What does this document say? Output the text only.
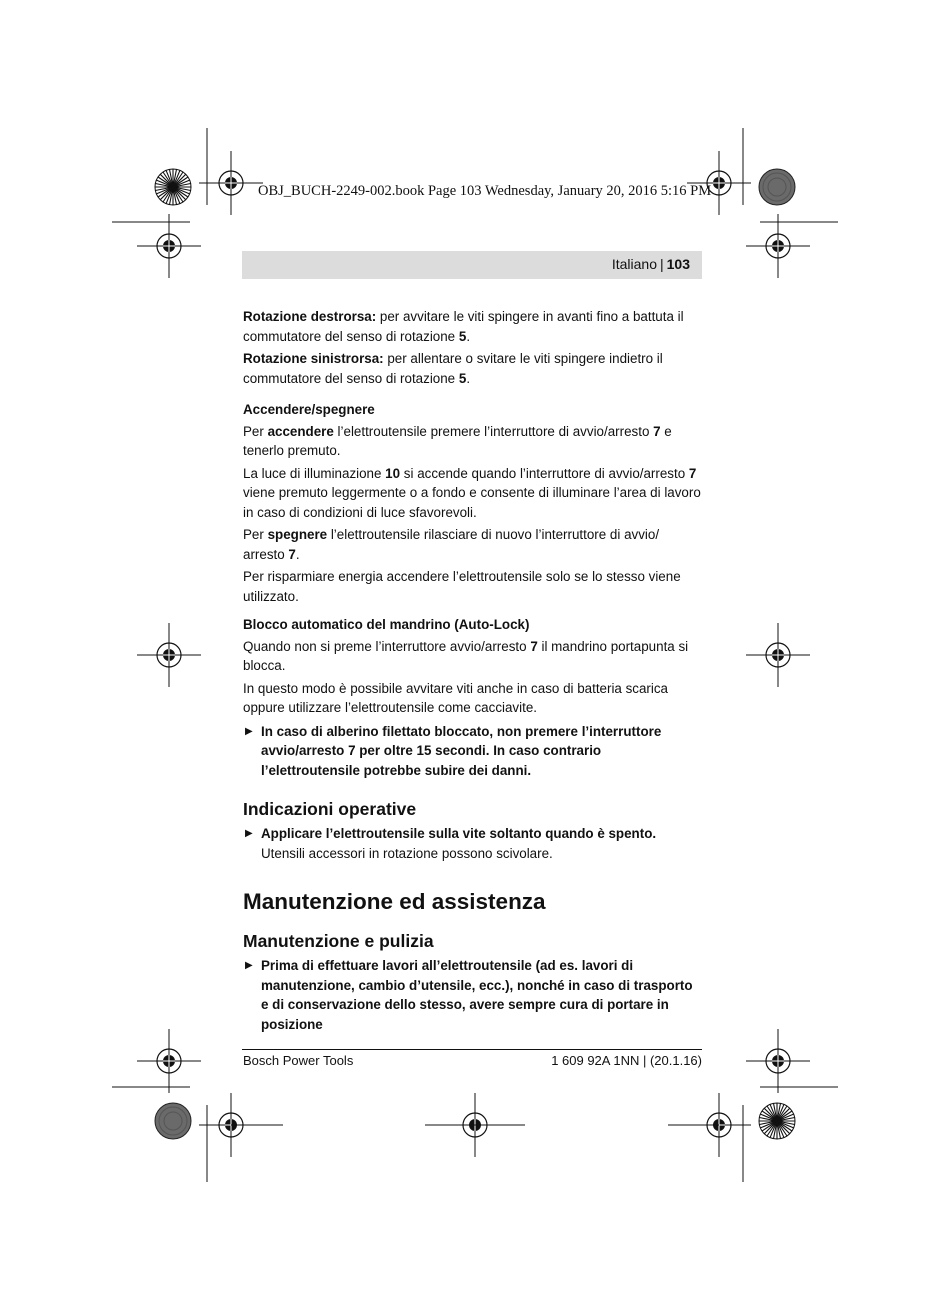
OBJ_BUCH-2249-002.book Page 103 Wednesday, January 20, 2016 5:16 PM
Italiano | 103

Rotazione destrorsa: per avvitare le viti spingere in avanti fino a battuta il commutatore del senso di rotazione 5.

Rotazione sinistrorsa: per allentare o svitare le viti spingere indietro il commutatore del senso di rotazione 5.

Accendere/spegnere

Per accendere l’elettroutensile premere l’interruttore di avvio/arresto 7 e tenerlo premuto.

La luce di illuminazione 10 si accende quando l’interruttore di avvio/arresto 7 viene premuto leggermente o a fondo e consente di illuminare l’area di lavoro in caso di condizioni di luce sfavorevoli.

Per spegnere l’elettroutensile rilasciare di nuovo l’interruttore di avvio/ arresto 7.

Per risparmiare energia accendere l’elettroutensile solo se lo stesso viene utilizzato.

Blocco automatico del mandrino (Auto-Lock)

Quando non si preme l’interruttore avvio/arresto 7 il mandrino portapunta si blocca.

In questo modo è possibile avvitare viti anche in caso di batteria scarica oppure utilizzare l’elettroutensile come cacciavite.

▶ In caso di alberino filettato bloccato, non premere l’interruttore avvio/arresto 7 per oltre 15 secondi. In caso contrario l’elettroutensile potrebbe subire dei danni.
Indicazioni operative
▶ Applicare l’elettroutensile sulla vite soltanto quando è spento. Utensili accessori in rotazione possono scivolare.
Manutenzione ed assistenza
Manutenzione e pulizia
▶ Prima di effettuare lavori all’elettroutensile (ad es. lavori di manutenzione, cambio d’utensile, ecc.), nonché in caso di trasporto e di conservazione dello stesso, avere sempre cura di portare in posizione
Bosch Power Tools	1 609 92A 1NN | (20.1.16)
